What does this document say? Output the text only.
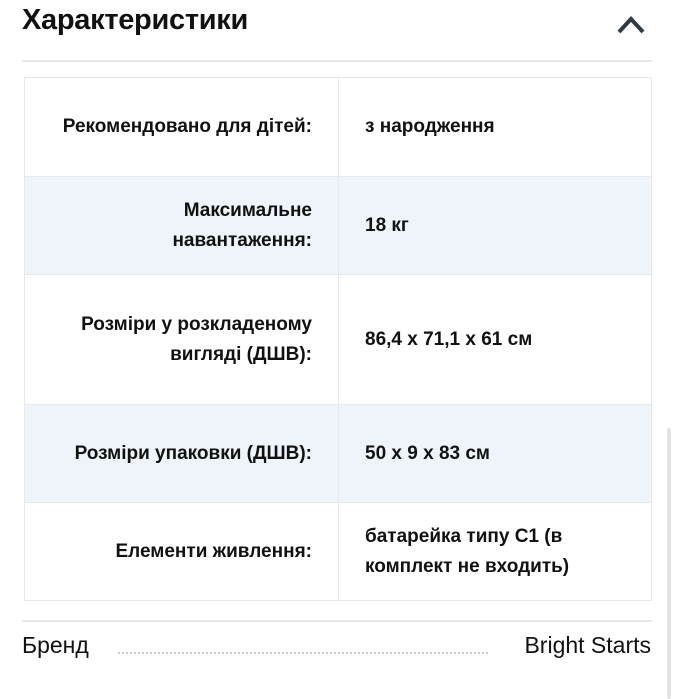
Характеристики
Рекомендовано для дітей:	з народження
Максимальне навантаження:	18 кг
Розміри у розкладеному вигляді (ДШВ):	86,4 x 71,1 x 61 см
Розміри упаковки (ДШВ):	50 x 9 x 83 см
Елементи живлення:	батарейка типу С1 (в комплект не входить)
Бренд	Bright Starts
